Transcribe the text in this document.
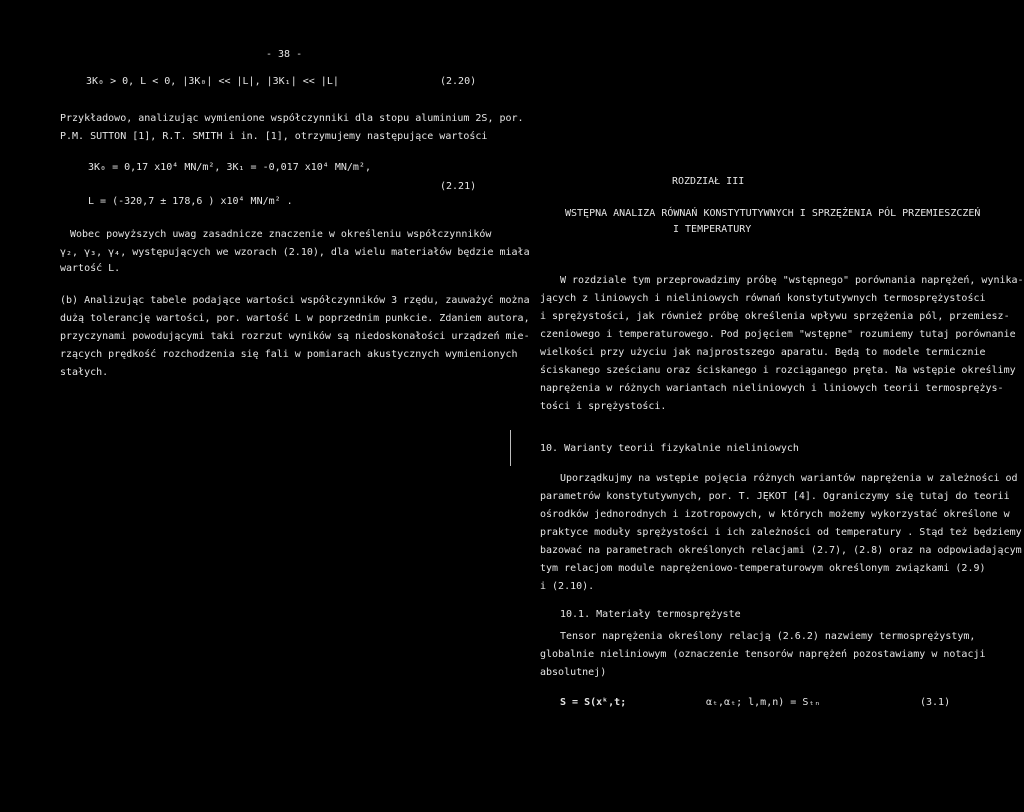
- 38 -
3K₀ > 0, L < 0, |3K₀| << |L|, |3K₁| << |L|	(2.20)
Przykładowo, analizując wymienione współczynniki dla stopu aluminium 2S, por.
P.M. SUTTON [1], R.T. SMITH i in. [1], otrzymujemy następujące wartości
3K₀ = 0,17 x10⁴ MN/m², 3K₁ = -0,017 x10⁴ MN/m²,
(2.21)
L = (-320,7 ± 178,6 ) x10⁴ MN/m² .
Wobec powyższych uwag zasadnicze znaczenie w określeniu współczynników
γ₂, γ₃, γ₄, występujących we wzorach (2.10), dla wielu materiałów będzie miała
wartość L.
(b) Analizując tabele podające wartości współczynników 3 rzędu, zauważyć można
dużą tolerancję wartości, por. wartość L w poprzednim punkcie. Zdaniem autora,
przyczynami powodującymi taki rozrzut wyników są niedoskonałości urządzeń mie-
rzących prędkość rozchodzenia się fali w pomiarach akustycznych wymienionych
stałych.
ROZDZIAŁ III
WSTĘPNA ANALIZA RÓWNAŃ KONSTYTUTYWNYCH I SPRZĘŻENIA PÓL PRZEMIESZCZEŃ
I TEMPERATURY
W rozdziale tym przeprowadzimy próbę "wstępnego" porównania naprężeń, wynika-
jących z liniowych i nieliniowych równań konstytutywnych termosprężystości
i sprężystości, jak również próbę określenia wpływu sprzężenia pól, przemiesz-
czeniowego i temperaturowego. Pod pojęciem "wstępne" rozumiemy tutaj porównanie
wielkości przy użyciu jak najprostszego aparatu. Będą to modele termicznie
ściskanego sześcianu oraz ściskanego i rozciąganego pręta. Na wstępie określimy
naprężenia w różnych wariantach nieliniowych i liniowych teorii termosprężys-
tości i sprężystości.
10. Warianty teorii fizykalnie nieliniowych
Uporządkujmy na wstępie pojęcia różnych wariantów naprężenia w zależności od
parametrów konstytutywnych, por. T. JĘKOT [4]. Ograniczymy się tutaj do teorii
ośrodków jednorodnych i izotropowych, w których możemy wykorzystać określone w
praktyce moduły sprężystości i ich zależności od temperatury . Stąd też będziemy
bazować na parametrach określonych relacjami (2.7), (2.8) oraz na odpowiadającym
tym relacjom module naprężeniowo-temperaturowym określonym związkami (2.9)
i (2.10).
10.1. Materiały termosprężyste
Tensor naprężenia określony relacją (2.6.2) nazwiemy termosprężystym,
globalnie nieliniowym (oznaczenie tensorów naprężeń pozostawiamy w notacji
absolutnej)
S = S(xᵏ,t;	αₜ,αₜ; l,m,n) = Sₜₙ	(3.1)
